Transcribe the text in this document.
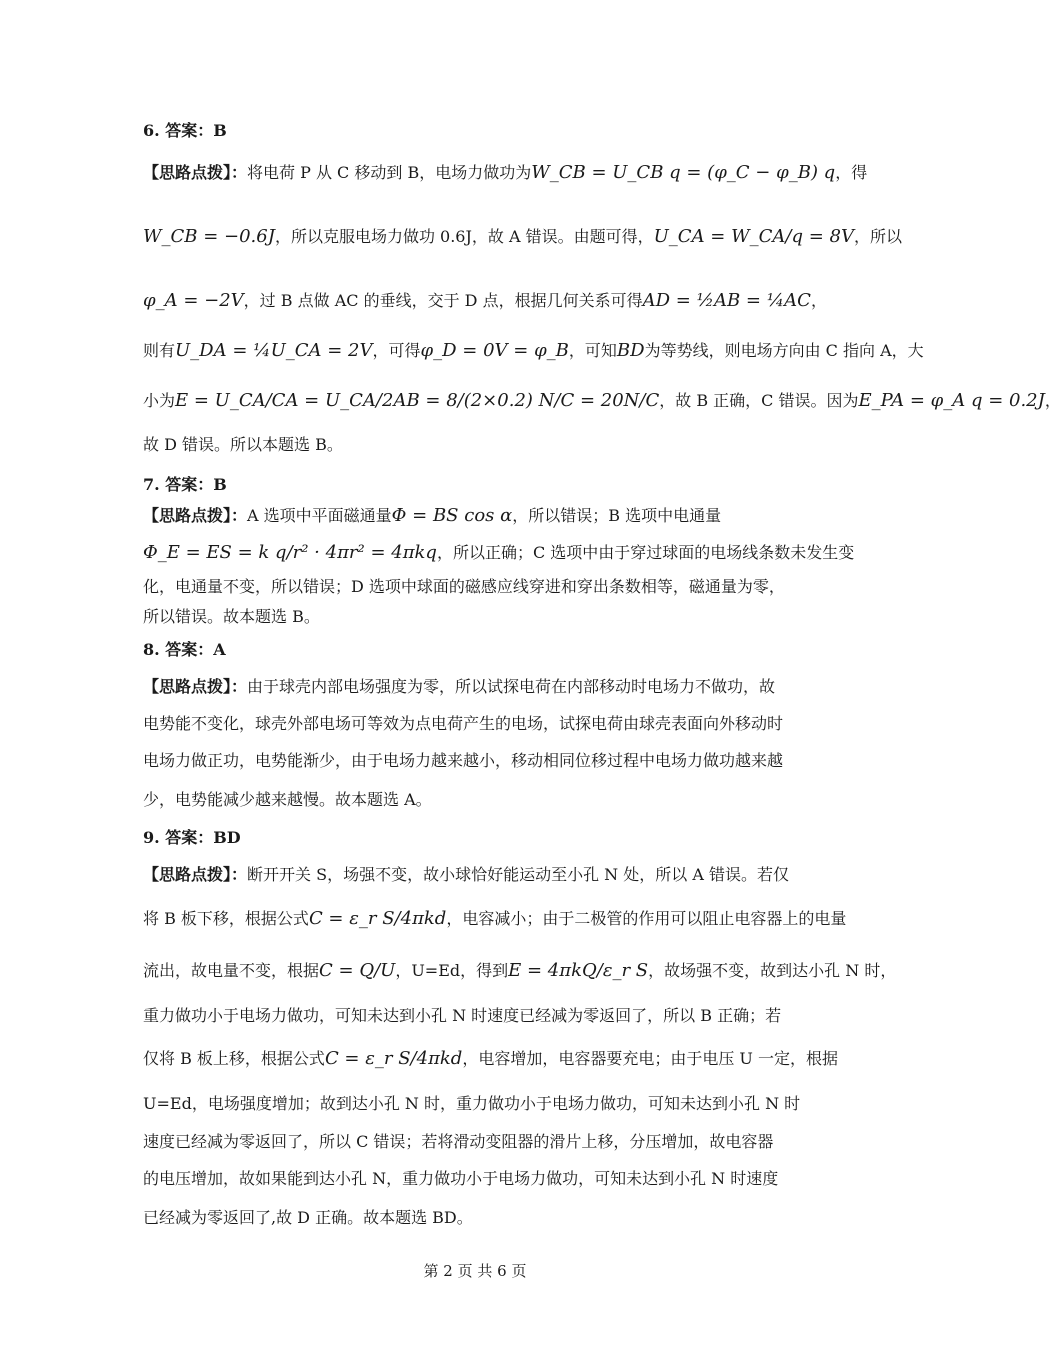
6. 答案：B
【思路点拨】：将电荷 P 从 C 移动到 B，电场力做功为W_CB = U_CB q = (φ_C − φ_B) q，得
W_CB = −0.6J，所以克服电场力做功 0.6J，故 A 错误。由题可得，U_CA = W_CA/q = 8V，所以
φ_A = −2V，过 B 点做 AC 的垂线，交于 D 点，根据几何关系可得AD = ½AB = ¼AC，
则有U_DA = ¼U_CA = 2V，可得φ_D = 0V = φ_B，可知BD为等势线，则电场方向由 C 指向 A，大
小为E = U_CA/CA = U_CA/2AB = 8/(2×0.2) N/C = 20N/C，故 B 正确，C 错误。因为E_PA = φ_A q = 0.2J，
故 D 错误。所以本题选 B。
7. 答案：B
【思路点拨】：A 选项中平面磁通量Φ = BS cos α，所以错误；B 选项中电通量
Φ_E = ES = k q/r² · 4πr² = 4πkq，所以正确；C 选项中由于穿过球面的电场线条数未发生变
化，电通量不变，所以错误；D 选项中球面的磁感应线穿进和穿出条数相等，磁通量为零，
所以错误。故本题选 B。
8. 答案：A
【思路点拨】：由于球壳内部电场强度为零，所以试探电荷在内部移动时电场力不做功，故
电势能不变化，球壳外部电场可等效为点电荷产生的电场，试探电荷由球壳表面向外移动时
电场力做正功，电势能渐少，由于电场力越来越小，移动相同位移过程中电场力做功越来越
少，电势能减少越来越慢。故本题选 A。
9. 答案：BD
【思路点拨】：断开开关 S，场强不变，故小球恰好能运动至小孔 N 处，所以 A 错误。若仅
将 B 板下移，根据公式C = ε_r S/4πkd，电容减小；由于二极管的作用可以阻止电容器上的电量
流出，故电量不变，根据C = Q/U，U=Ed，得到E = 4πkQ/ε_r S，故场强不变，故到达小孔 N 时，
重力做功小于电场力做功，可知未达到小孔 N 时速度已经减为零返回了，所以 B 正确；若
仅将 B 板上移，根据公式C = ε_r S/4πkd，电容增加，电容器要充电；由于电压 U 一定，根据
U=Ed，电场强度增加；故到达小孔 N 时，重力做功小于电场力做功，可知未达到小孔 N 时
速度已经减为零返回了，所以 C 错误；若将滑动变阻器的滑片上移，分压增加，故电容器
的电压增加，故如果能到达小孔 N，重力做功小于电场力做功，可知未达到小孔 N 时速度
已经减为零返回了,故 D 正确。故本题选 BD。
第 2 页 共 6 页
